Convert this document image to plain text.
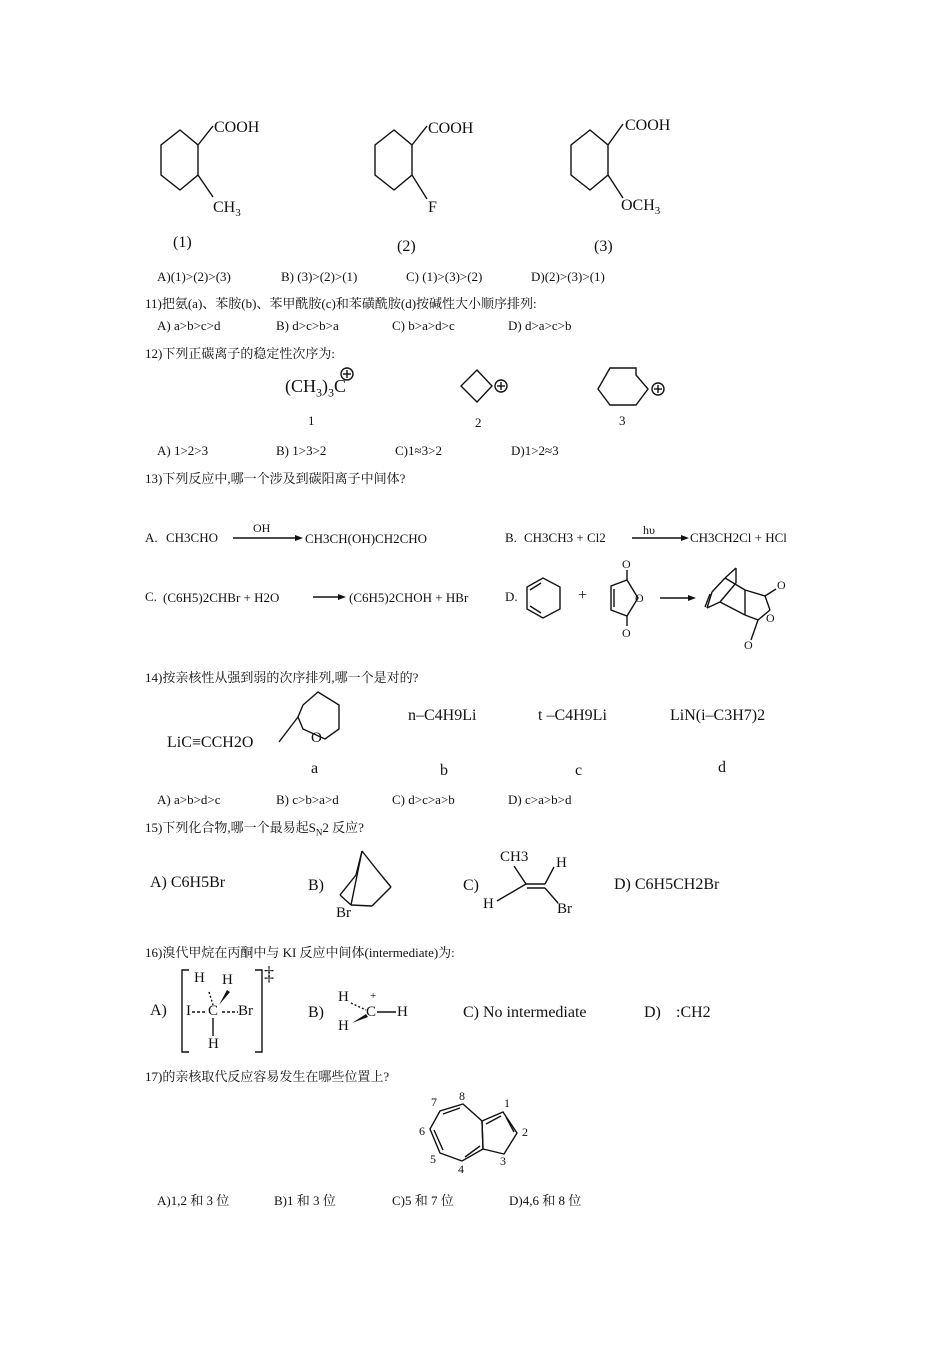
COOH
$CH_3$
(1)
COOH
F
(2)
COOH
$OCH_3$
(3)
A)(1)>(2)>(3)	B) (3)>(2)>(1)	C) (1)>(3)>(2)	D)(2)>(3)>(1)
11)把氨(a)、苯胺(b)、苯甲酰胺(c)和苯磺酰胺(d)按碱性大小顺序排列:
A) a>b>c>d	B) d>c>b>a	C) b>a>d>c	D) d>a>c>b
12)下列正碳离子的稳定性次序为:
$(CH_3)_3C$
1	2	3
A) 1>2>3	B) 1>3>2	C)1≈3>2	D)1>2≈3
13)下列反应中,哪一个涉及到碳阳离子中间体?
A. CH3CHO
OH
CH3CH(OH)CH2CHO	B. CH3CH3 + Cl2	hυ	CH3CH2Cl + HCl
C. (C6H5)2CHBr + H2O	(C6H5)2CHOH + HBr	D.	+
O
O
O
O
O
O
14)按亲核性从强到弱的次序排列,哪一个是对的?
LiC≡CCH2O	O
n–C4H9Li	t –C4H9Li	LiN(i–C3H7)2
a	b	c	d
A) a>b>d>c	B) c>b>a>d	C) d>c>a>b	D) c>a>b>d
15)下列化合物,哪一个最易起$S_N2$ 反应?
A) C6H5Br	B)
Br
C)
CH3 H
H	Br
D) C6H5CH2Br
16)溴代甲烷在丙酮中与 KI 反应中间体(intermediate)为:
A)
H H
I C Br
H
‡
B)
H
H
C
+
H	C) No intermediate	D) :CH2
17)的亲核取代反应容易发生在哪些位置上?
1
2
3
4
5
6
7 8
A)1,2 和 3 位	B)1 和 3 位	C)5 和 7 位	D)4,6 和 8 位
